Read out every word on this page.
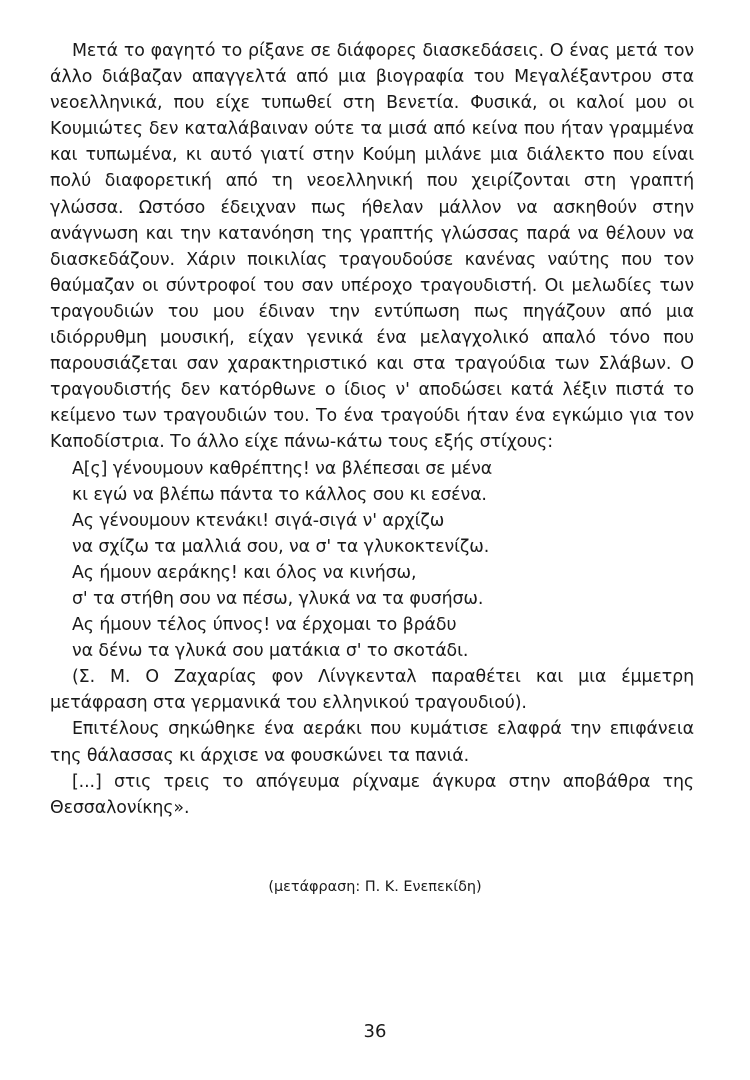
Μετά το φαγητό το ρίξανε σε διάφορες διασκεδάσεις. Ο ένας μετά τον άλλο διάβαζαν απαγγελτά από μια βιογραφία του Μεγαλέξαντρου στα νεοελληνικά, που είχε τυπωθεί στη Βενετία. Φυσικά, οι καλοί μου οι Κουμιώτες δεν καταλάβαιναν ούτε τα μισά από κείνα που ήταν γραμμένα και τυπωμένα, κι αυτό γιατί στην Κούμη μιλάνε μια διάλεκτο που είναι πολύ διαφορετική από τη νεοελληνική που χειρίζονται στη γραπτή γλώσσα. Ωστόσο έδειχναν πως ήθελαν μάλλον να ασκηθούν στην ανάγνωση και την κατανόηση της γραπτής γλώσσας παρά να θέλουν να διασκεδάζουν. Χάριν ποικιλίας τραγουδούσε κανένας ναύτης που τον θαύμαζαν οι σύντροφοί του σαν υπέροχο τραγουδιστή. Οι μελωδίες των τραγουδιών του μου έδιναν την εντύπωση πως πηγάζουν από μια ιδιόρρυθμη μουσική, είχαν γενικά ένα μελαγχολικό απαλό τόνο που παρουσιάζεται σαν χαρακτηριστικό και στα τραγούδια των Σλάβων. Ο τραγουδιστής δεν κατόρθωνε ο ίδιος ν' αποδώσει κατά λέξιν πιστά το κείμενο των τραγουδιών του. Το ένα τραγούδι ήταν ένα εγκώμιο για τον Καποδίστρια. Το άλλο είχε πάνω-κάτω τους εξής στίχους:

Α[ς] γένουμουν καθρέπτης! να βλέπεσαι σε μένα
κι εγώ να βλέπω πάντα το κάλλος σου κι εσένα.
Ας γένουμουν κτενάκι! σιγά-σιγά ν' αρχίζω
να σχίζω τα μαλλιά σου, να σ' τα γλυκοκτενίζω.
Ας ήμουν αεράκης! και όλος να κινήσω,
σ' τα στήθη σου να πέσω, γλυκά να τα φυσήσω.
Ας ήμουν τέλος ύπνος! να έρχομαι το βράδυ
να δένω τα γλυκά σου ματάκια σ' το σκοτάδι.

(Σ. Μ. Ο Ζαχαρίας φον Λίνγκενταλ παραθέτει και μια έμμετρη μετάφραση στα γερμανικά του ελληνικού τραγουδιού).

Επιτέλους σηκώθηκε ένα αεράκι που κυμάτισε ελαφρά την επιφάνεια της θάλασσας κι άρχισε να φουσκώνει τα πανιά.

[...] στις τρεις το απόγευμα ρίχναμε άγκυρα στην αποβάθρα της Θεσσαλονίκης».

(μετάφραση: Π. Κ. Ενεπεκίδη)
36
